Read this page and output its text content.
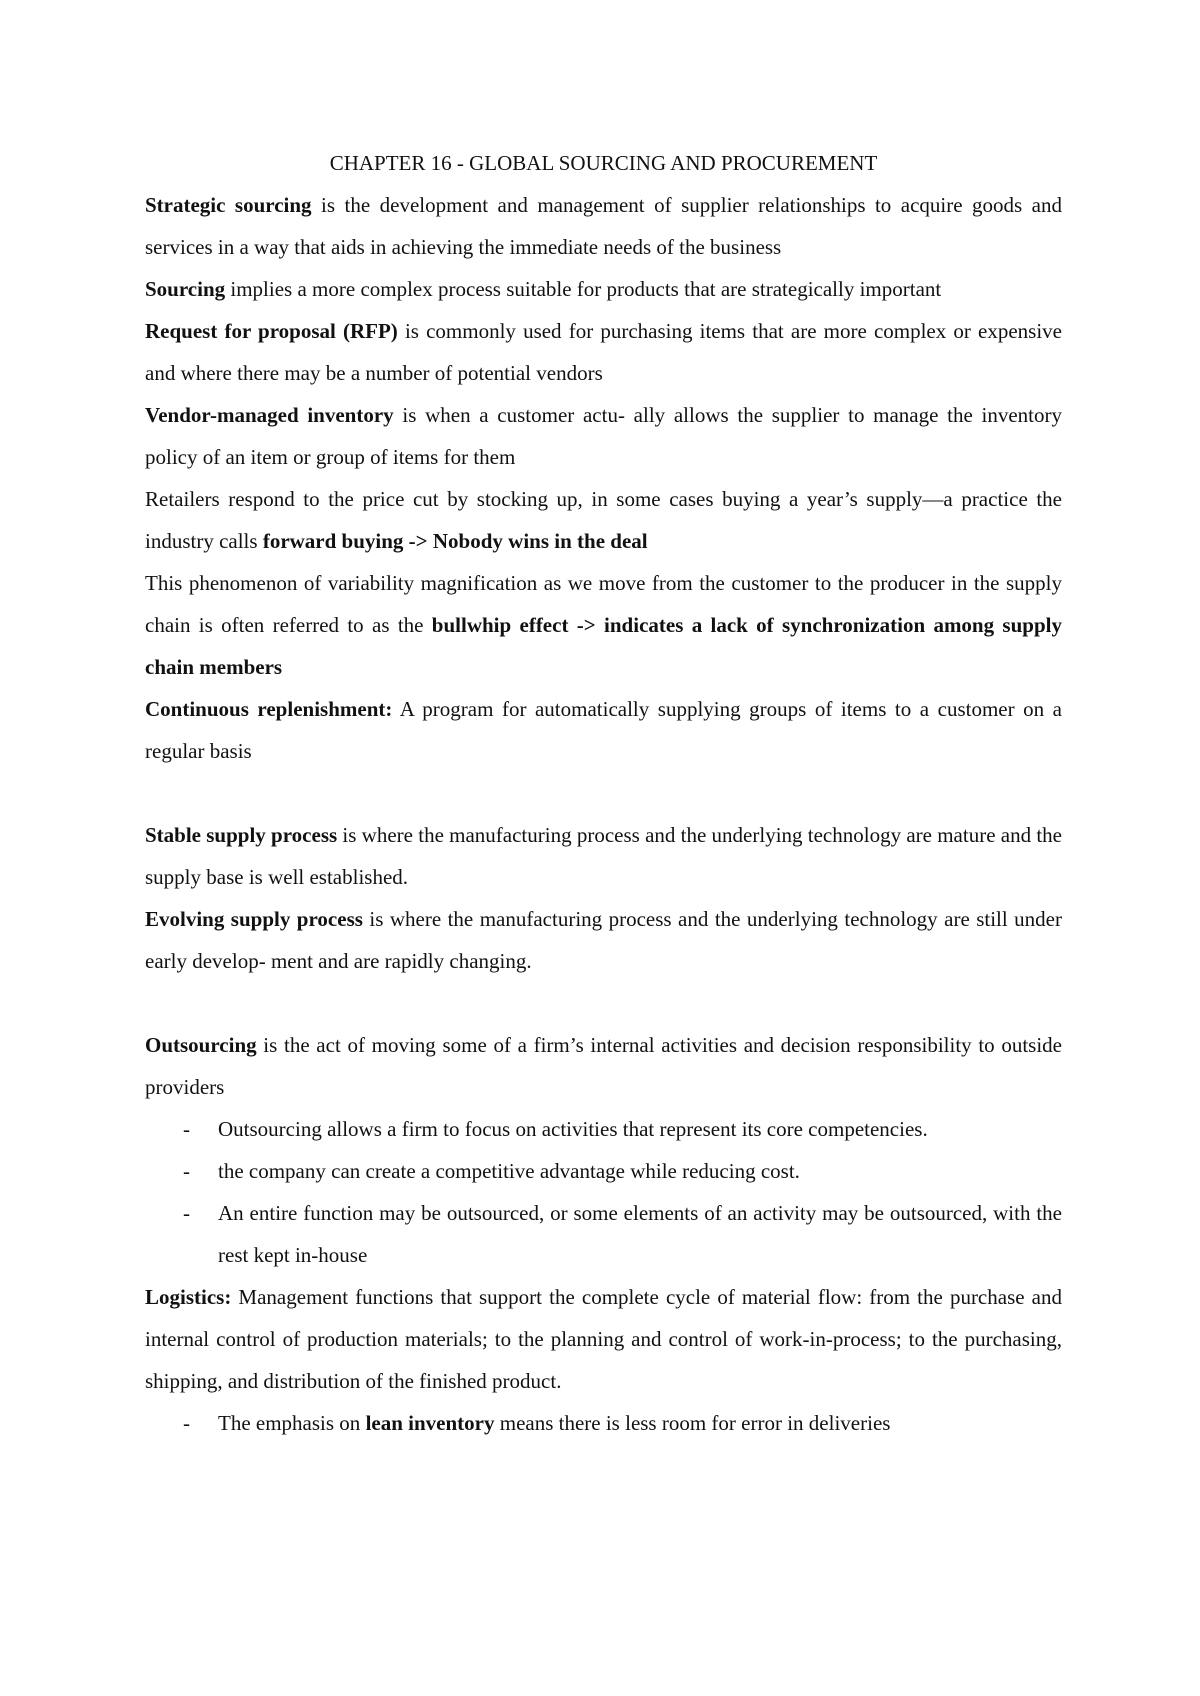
CHAPTER 16 - GLOBAL SOURCING AND PROCUREMENT

Strategic sourcing is the development and management of supplier relationships to acquire goods and services in a way that aids in achieving the immediate needs of the business

Sourcing implies a more complex process suitable for products that are strategically important

Request for proposal (RFP) is commonly used for purchasing items that are more complex or expensive and where there may be a number of potential vendors

Vendor-managed inventory is when a customer actu- ally allows the supplier to manage the inventory policy of an item or group of items for them

Retailers respond to the price cut by stocking up, in some cases buying a year’s supply—a practice the industry calls forward buying -> Nobody wins in the deal

This phenomenon of variability magnification as we move from the customer to the producer in the supply chain is often referred to as the bullwhip effect -> indicates a lack of synchronization among supply chain members

Continuous replenishment: A program for automatically supplying groups of items to a customer on a regular basis

Stable supply process is where the manufacturing process and the underlying technology are mature and the supply base is well established.

Evolving supply process is where the manufacturing process and the underlying technology are still under early develop- ment and are rapidly changing.

Outsourcing is the act of moving some of a firm’s internal activities and decision responsibility to outside providers

- Outsourcing allows a firm to focus on activities that represent its core competencies.

- the company can create a competitive advantage while reducing cost.

- An entire function may be outsourced, or some elements of an activity may be outsourced, with the rest kept in-house

Logistics: Management functions that support the complete cycle of material flow: from the purchase and internal control of production materials; to the planning and control of work-in-process; to the purchasing, shipping, and distribution of the finished product.

- The emphasis on lean inventory means there is less room for error in deliveries
